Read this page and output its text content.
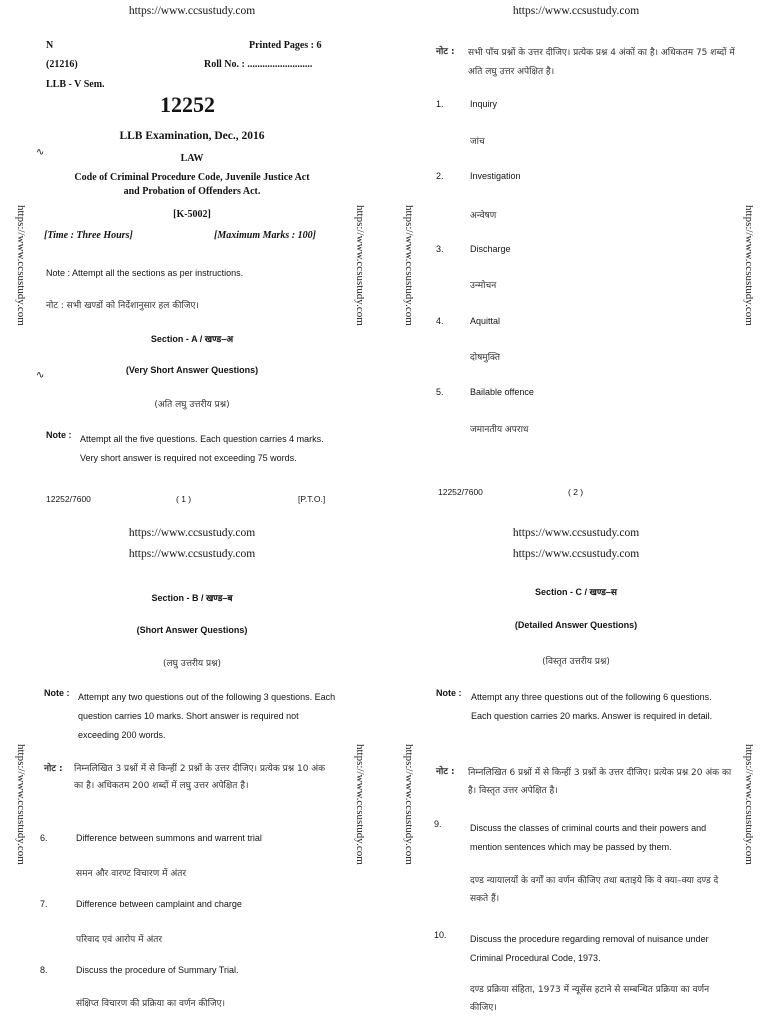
https://www.ccsustudy.com
https://www.ccsustudy.com	https://www.ccsustudy.com
N	Printed Pages : 6
(21216)	Roll No. : ..........................
LLB - V Sem.
12252
LLB Examination, Dec., 2016
∿
LAW
Code of Criminal Procedure Code, Juvenile Justice Act
and Probation of Offenders Act.
[K-5002]
[Time : Three Hours]	[Maximum Marks : 100]
Note : Attempt all the sections as per instructions.
नोट : सभी खण्डों को निर्देशानुसार हल कीजिए।
Section - A / खण्ड–अ
∿	(Very Short Answer Questions)
(अति लघु उत्तरीय प्रश्न)
Note : Attempt all the five questions. Each question carries 4 marks. Very short answer is required not exceeding 75 words.
12252/7600	( 1 )	[P.T.O.]
https://www.ccsustudy.com
https://www.ccsustudy.com	https://www.ccsustudy.com
नोट : सभी पाँच प्रश्नों के उत्तर दीजिए। प्रत्येक प्रश्न 4 अंकों का है। अधिकतम 75 शब्दों में अति लघु उत्तर अपेक्षित है।
1.	Inquiry
जांच
2.	Investigation
अन्वेषण
3.	Discharge
उन्मोचन
4.	Aquittal
दोषमुक्ति
5.	Bailable offence
जमानतीय अपराध
12252/7600	( 2 )
https://www.ccsustudy.com
https://www.ccsustudy.com
https://www.ccsustudy.com	https://www.ccsustudy.com
Section - B / खण्ड–ब
(Short Answer Questions)
(लघु उत्तरीय प्रश्न)
Note : Attempt any two questions out of the following 3 questions. Each question carries 10 marks. Short answer is required not exceeding 200 words.
नोट : निम्नलिखित 3 प्रश्नों में से किन्हीं 2 प्रश्नों के उत्तर दीजिए। प्रत्येक प्रश्न 10 अंक का है। अधिकतम 200 शब्दों में लघु उत्तर अपेक्षित है।
6.	Difference between summons and warrent trial
समन और वारण्ट विचारण में अंतर
7.	Difference between camplaint and charge
परिवाद एवं आरोप में अंतर
8.	Discuss the procedure of Summary Trial.
संक्षिप्त विचारण की प्रक्रिया का वर्णन कीजिए।
https://www.ccsustudy.com
https://www.ccsustudy.com
https://www.ccsustudy.com	https://www.ccsustudy.com
Section - C / खण्ड–स
(Detailed Answer Questions)
(विस्तृत उत्तरीय प्रश्न)
Note : Attempt any three questions out of the following 6 questions. Each question carries 20 marks. Answer is required in detail.
नोट : निम्नलिखित 6 प्रश्नों में से किन्हीं 3 प्रश्नों के उत्तर दीजिए। प्रत्येक प्रश्न 20 अंक का है। विस्तृत उत्तर अपेक्षित है।
9.	Discuss the classes of criminal courts and their powers and mention sentences which may be passed by them.
दण्ड न्यायालयों के वर्गों का वर्णन कीजिए तथा बताइये कि वे क्या–क्या दण्ड दे सकते हैं।
10.	Discuss the procedure regarding removal of nuisance under Criminal Procedural Code, 1973.
दण्ड प्रक्रिया संहिता, 1973 में न्यूसेंस हटाने से सम्बन्धित प्रक्रिया का वर्णन कीजिए।
